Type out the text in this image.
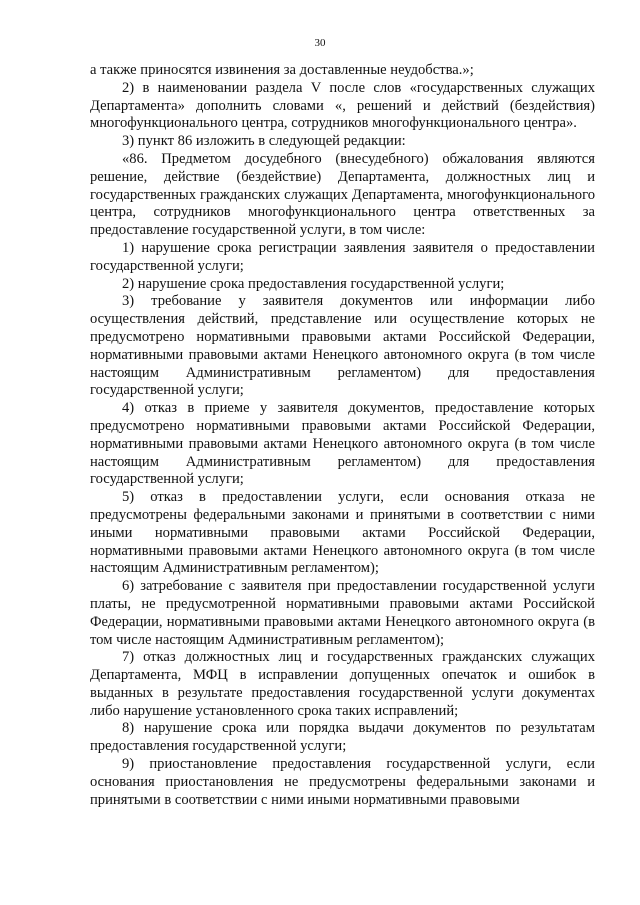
30

а также приносятся извинения за доставленные неудобства.»;

2) в наименовании раздела V после слов «государственных служащих Департамента» дополнить словами «, решений и действий (бездействия) многофункционального центра, сотрудников многофункционального центра».

3) пункт 86 изложить в следующей редакции:

«86. Предметом досудебного (внесудебного) обжалования являются решение, действие (бездействие) Департамента, должностных лиц и государственных гражданских служащих Департамента, многофункционального центра, сотрудников многофункционального центра ответственных за предоставление государственной услуги, в том числе:

1) нарушение срока регистрации заявления заявителя о предоставлении государственной услуги;

2) нарушение срока предоставления государственной услуги;

3) требование у заявителя документов или информации либо осуществления действий, представление или осуществление которых не предусмотрено нормативными правовыми актами Российской Федерации, нормативными правовыми актами Ненецкого автономного округа (в том числе настоящим Административным регламентом) для предоставления государственной услуги;

4) отказ в приеме у заявителя документов, предоставление которых предусмотрено нормативными правовыми актами Российской Федерации, нормативными правовыми актами Ненецкого автономного округа (в том числе настоящим Административным регламентом) для предоставления государственной услуги;

5) отказ в предоставлении услуги, если основания отказа не предусмотрены федеральными законами и принятыми в соответствии с ними иными нормативными правовыми актами Российской Федерации, нормативными правовыми актами Ненецкого автономного округа (в том числе настоящим Административным регламентом);

6) затребование с заявителя при предоставлении государственной услуги платы, не предусмотренной нормативными правовыми актами Российской Федерации, нормативными правовыми актами Ненецкого автономного округа (в том числе настоящим Административным регламентом);

7) отказ должностных лиц и государственных гражданских служащих Департамента, МФЦ в исправлении допущенных опечаток и ошибок в выданных в результате предоставления государственной услуги документах либо нарушение установленного срока таких исправлений;

8) нарушение срока или порядка выдачи документов по результатам предоставления государственной услуги;

9) приостановление предоставления государственной услуги, если основания приостановления не предусмотрены федеральными законами и принятыми в соответствии с ними иными нормативными правовыми
